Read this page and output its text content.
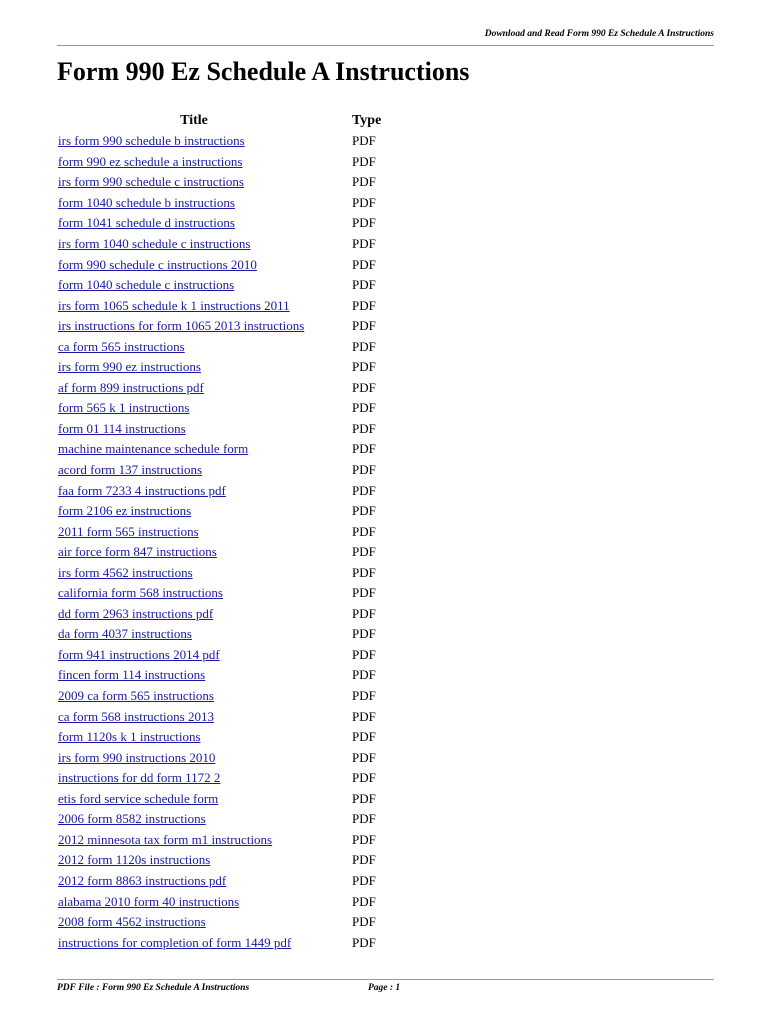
Download and Read Form 990 Ez Schedule A Instructions
Form 990 Ez Schedule A Instructions
Title	Type
irs form 990 schedule b instructions	PDF
form 990 ez schedule a instructions	PDF
irs form 990 schedule c instructions	PDF
form 1040 schedule b instructions	PDF
form 1041 schedule d instructions	PDF
irs form 1040 schedule c instructions	PDF
form 990 schedule c instructions 2010	PDF
form 1040 schedule c instructions	PDF
irs form 1065 schedule k 1 instructions 2011	PDF
irs instructions for form 1065 2013 instructions	PDF
ca form 565 instructions	PDF
irs form 990 ez instructions	PDF
af form 899 instructions pdf	PDF
form 565 k 1 instructions	PDF
form 01 114 instructions	PDF
machine maintenance schedule form	PDF
acord form 137 instructions	PDF
faa form 7233 4 instructions pdf	PDF
form 2106 ez instructions	PDF
2011 form 565 instructions	PDF
air force form 847 instructions	PDF
irs form 4562 instructions	PDF
california form 568 instructions	PDF
dd form 2963 instructions pdf	PDF
da form 4037 instructions	PDF
form 941 instructions 2014 pdf	PDF
fincen form 114 instructions	PDF
2009 ca form 565 instructions	PDF
ca form 568 instructions 2013	PDF
form 1120s k 1 instructions	PDF
irs form 990 instructions 2010	PDF
instructions for dd form 1172 2	PDF
etis ford service schedule form	PDF
2006 form 8582 instructions	PDF
2012 minnesota tax form m1 instructions	PDF
2012 form 1120s instructions	PDF
2012 form 8863 instructions pdf	PDF
alabama 2010 form 40 instructions	PDF
2008 form 4562 instructions	PDF
instructions for completion of form 1449 pdf	PDF
PDF File : Form 990 Ez Schedule A Instructions	Page : 1
